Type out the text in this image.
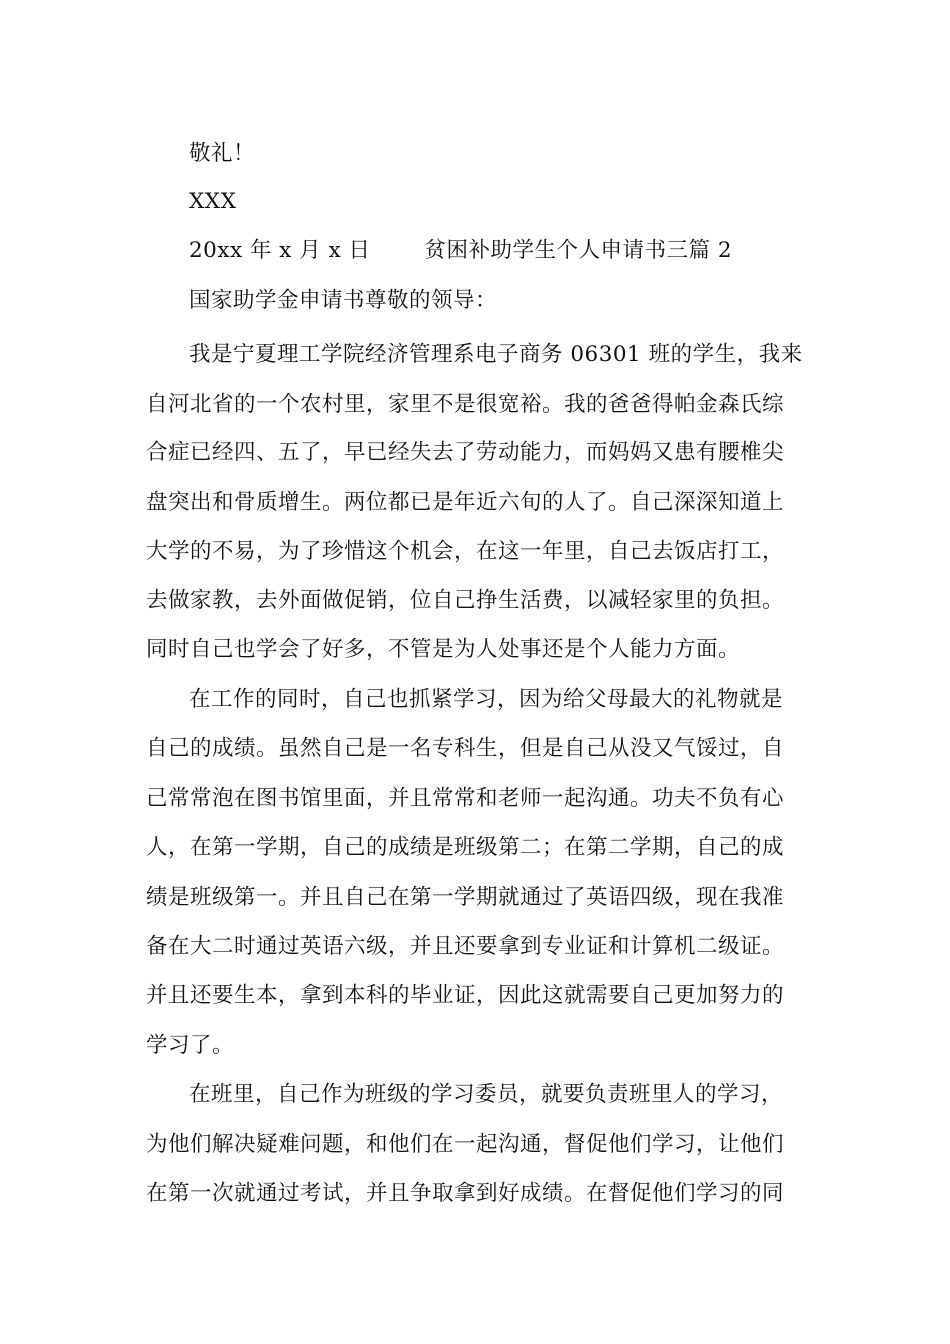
敬礼！
XXX
20xx 年 x 月 x 日	贫困补助学生个人申请书三篇 2
国家助学金申请书尊敬的领导：
我是宁夏理工学院经济管理系电子商务 06301 班的学生，我来
自河北省的一个农村里，家里不是很宽裕。我的爸爸得帕金森氏综
合症已经四、五了，早已经失去了劳动能力，而妈妈又患有腰椎尖
盘突出和骨质增生。两位都已是年近六旬的人了。自己深深知道上
大学的不易，为了珍惜这个机会，在这一年里，自己去饭店打工，
去做家教，去外面做促销，位自己挣生活费，以减轻家里的负担。
同时自己也学会了好多，不管是为人处事还是个人能力方面。
在工作的同时，自己也抓紧学习，因为给父母最大的礼物就是
自己的成绩。虽然自己是一名专科生，但是自己从没又气馁过，自
己常常泡在图书馆里面，并且常常和老师一起沟通。功夫不负有心
人，在第一学期，自己的成绩是班级第二；在第二学期，自己的成
绩是班级第一。并且自己在第一学期就通过了英语四级，现在我准
备在大二时通过英语六级，并且还要拿到专业证和计算机二级证。
并且还要生本，拿到本科的毕业证，因此这就需要自己更加努力的
学习了。
在班里，自己作为班级的学习委员，就要负责班里人的学习，
为他们解决疑难问题，和他们在一起沟通，督促他们学习，让他们
在第一次就通过考试，并且争取拿到好成绩。在督促他们学习的同
